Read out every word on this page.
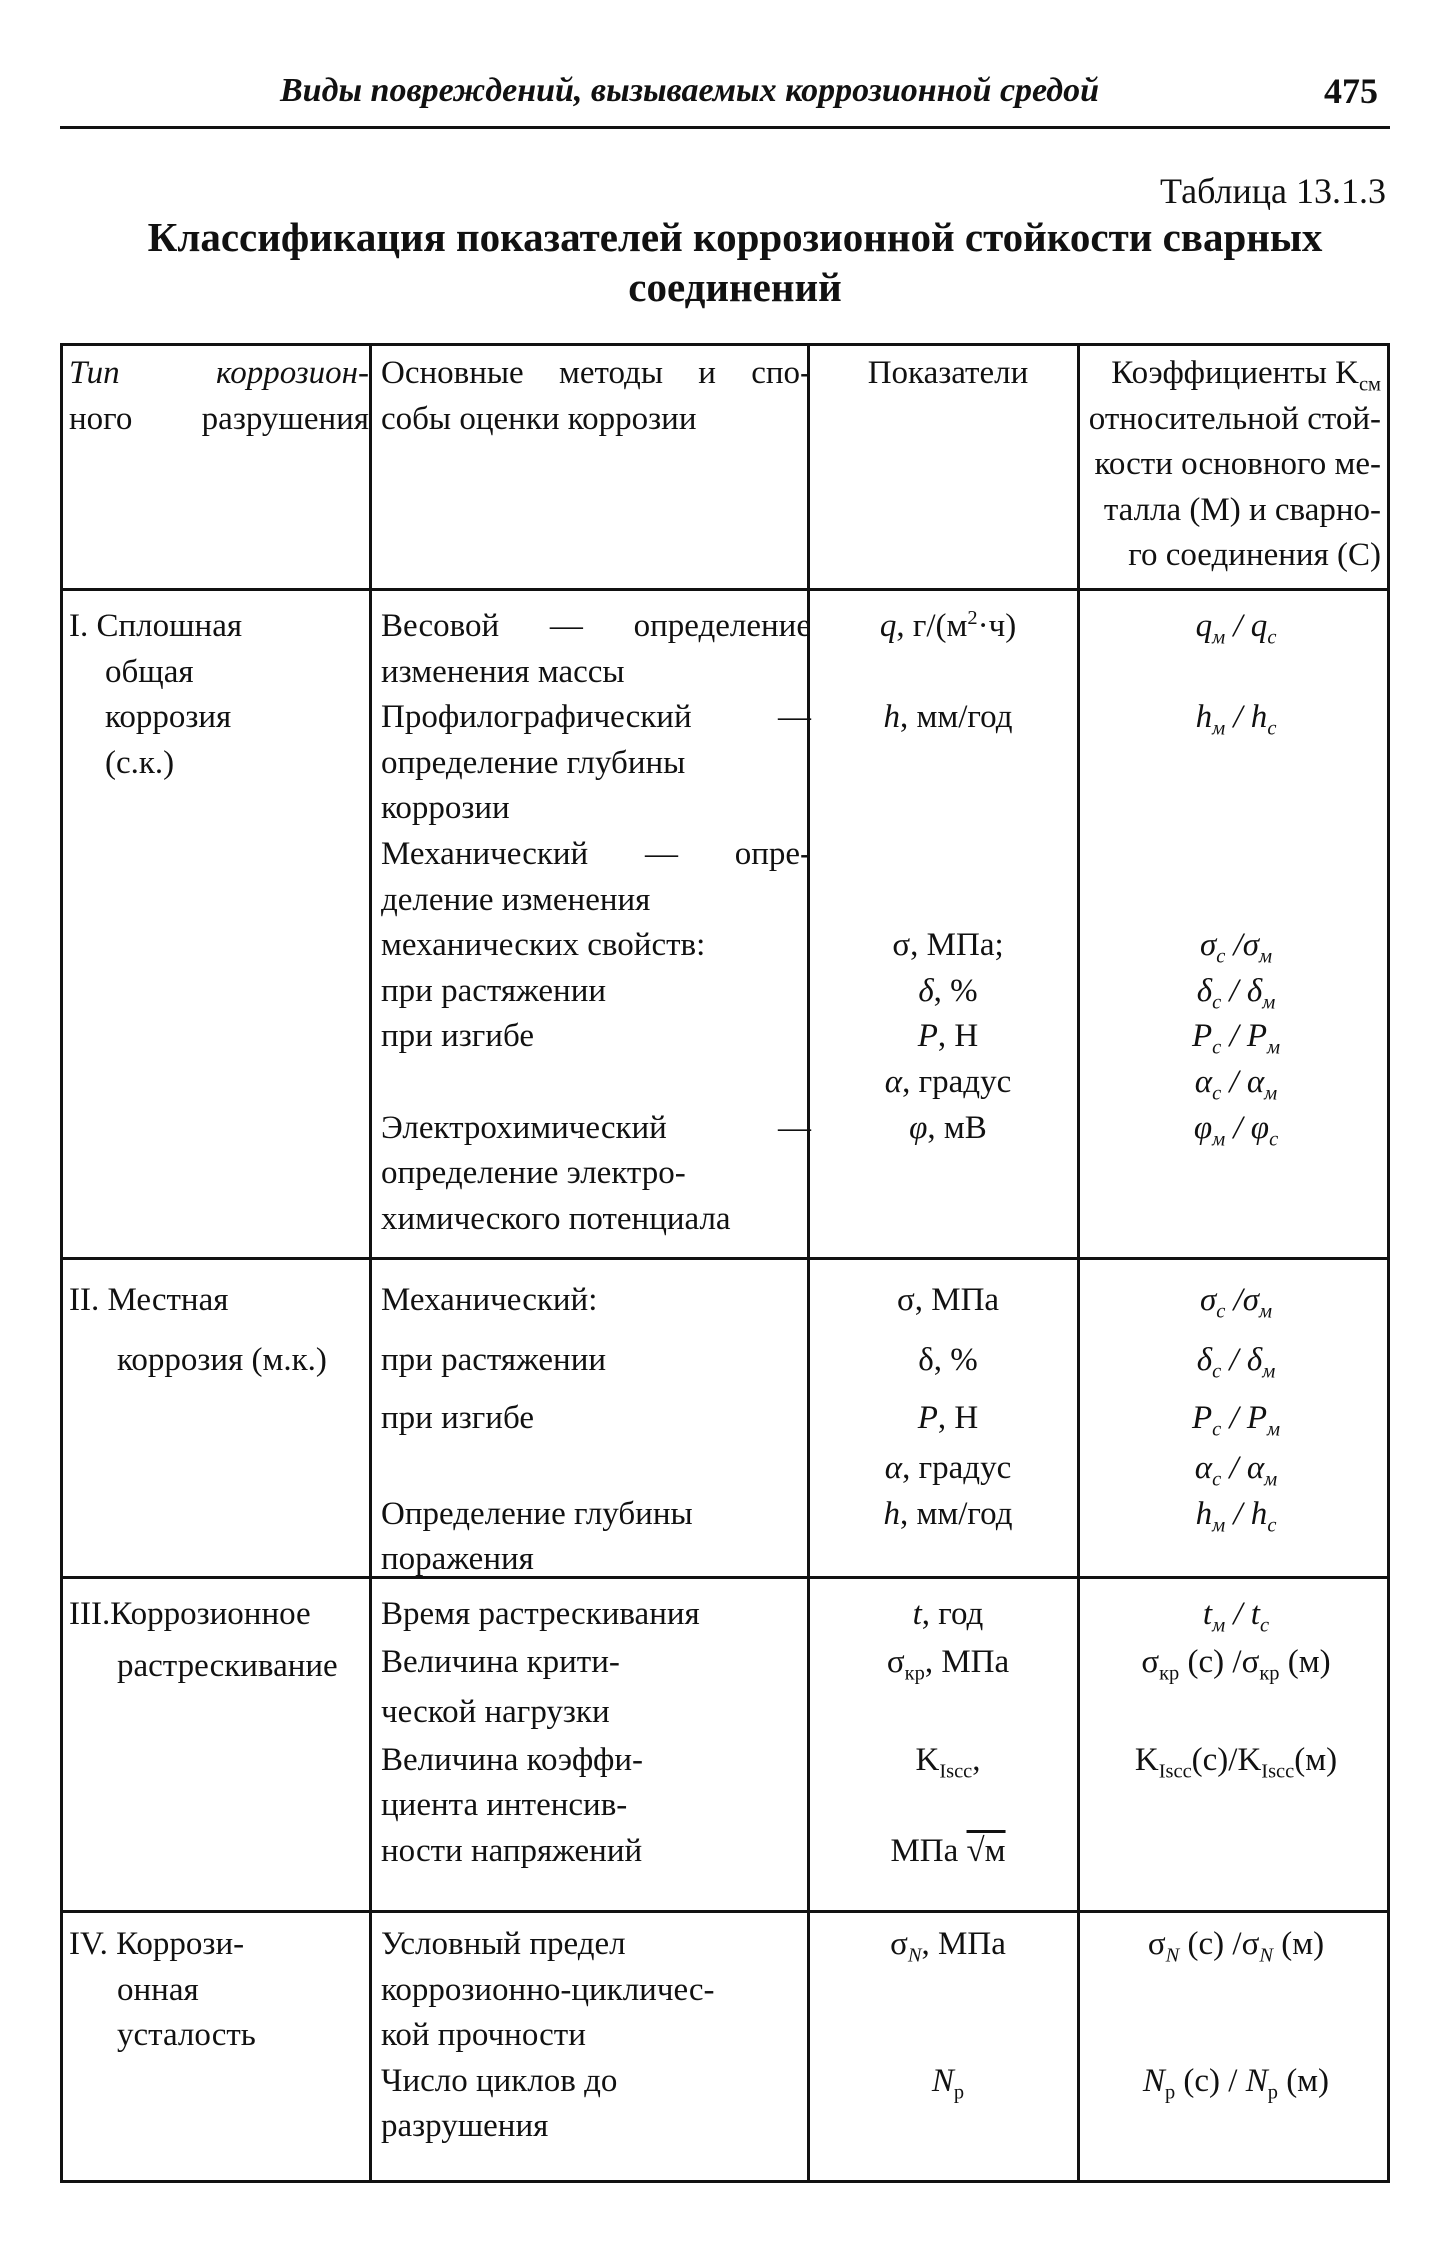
Виды повреждений, вызываемых коррозионной средой	475
Таблица 13.1.3
Классификация показателей коррозионной стойкости сварных
соединений
Тип коррозион-
ного разрушения
Основные методы и спо-
собы оценки коррозии
Показатели	Коэффициенты $K_{см}$
относительной стой-
кости основного ме-
талла (М) и сварно-
го соединения (С)
I. Сплошная
общая
коррозия
(с.к.)
Весовой — определение
изменения массы
Профилографический —
определение глубины
коррозии
Механический — опре-
деление изменения
механических свойств:
при растяжении
при изгибе

Электрохимический —
определение электро-
химического потенциала
q, $г/(м^2\cdot ч)$

h, мм/год

σ, МПа;
δ, %
P, Н
α, градус
φ, мВ
$q_м / q_с$

$h_м / h_с$

$\sigma_с$ $/\sigma_м$
$\delta_с / \delta_м$
$P_с / P_м$
$\alpha_с / \alpha_м$
$\varphi_м / \varphi_с$
II. Местная
коррозия (м.к.)
Механический:
при растяжении
при изгибе

Определение глубины
поражения
σ, МПа
δ, %
P, Н
α, градус
h, мм/год
$\sigma_с$ $/\sigma_м$
$\delta_с / \delta_м$
$P_с / P_м$
$\alpha_с / \alpha_м$
$h_м / h_с$
III.Коррозионное
растрескивание
Время растрескивания
Величина крити-
ческой нагрузки
Величина коэффи-
циента интенсив-
ности напряжений
t, год
$\sigma_{кр}$, МПа

$K_{Iscc}$,

МПа √м
$t_м / t_с$
$\sigma_{кр}$ (с) $/\sigma_{кр}$ (м)

$K_{Iscc}(с)/K_{Iscc}(м)$
IV. Коррози-
онная
усталость
Условный предел
коррозионно-цикличес-
кой прочности
Число циклов до
разрушения
$\sigma_N$, МПа

$N_р$
$\sigma_N$ (с) $/\sigma_N$ (м)

$N_р$ $(с) / N_р$ (м)
